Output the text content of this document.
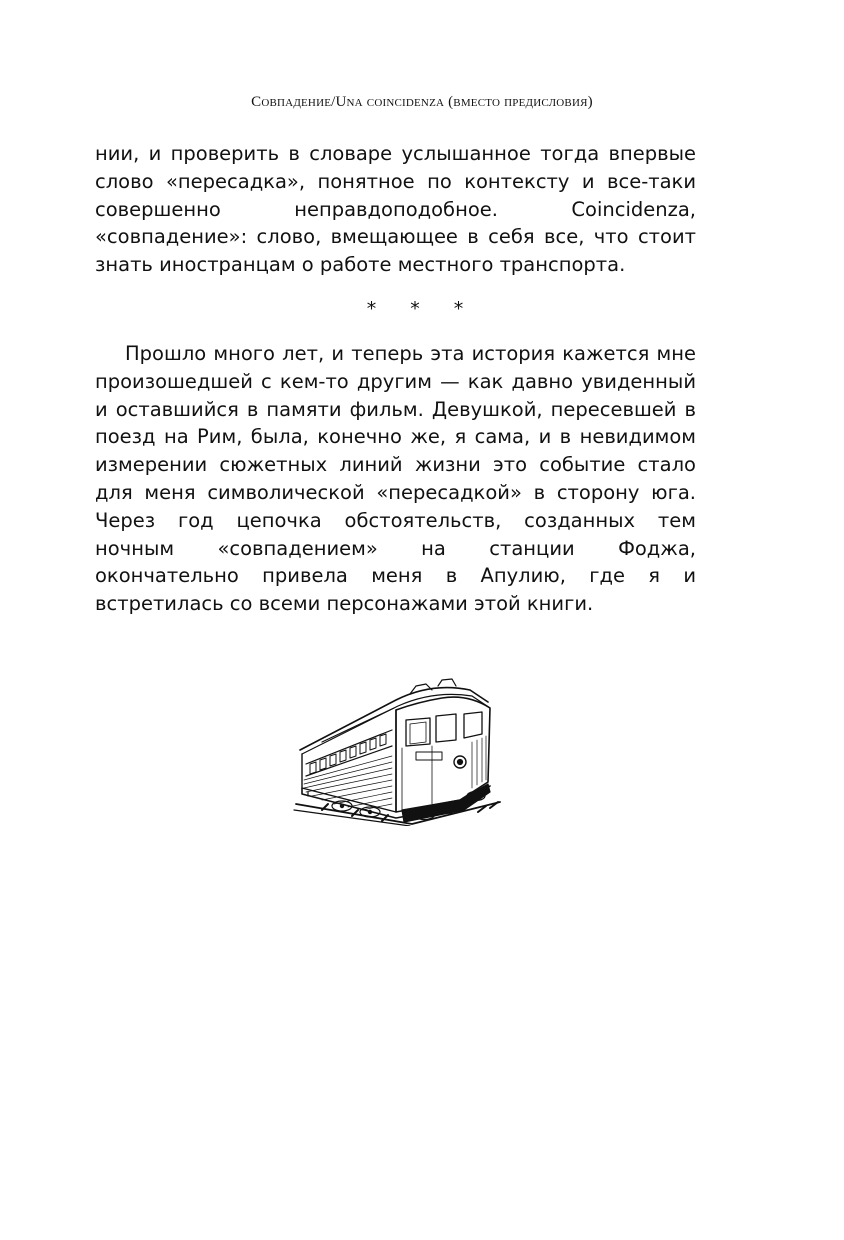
Совпадение/Una coincidenza (вместо предисловия)

нии, и проверить в словаре услышанное тогда впервые слово «пересадка», понятное по контексту и все-таки совершенно неправдоподобное. Coincidenza, «совпадение»: слово, вмещающее в себя все, что стоит знать иностранцам о работе местного транспорта.

* * *

Прошло много лет, и теперь эта история кажется мне произошедшей с кем-то другим — как давно увиденный и оставшийся в памяти фильм. Девушкой, пересевшей в поезд на Рим, была, конечно же, я сама, и в невидимом измерении сюжетных линий жизни это событие стало для меня символической «пересадкой» в сторону юга. Через год цепочка обстоятельств, созданных тем ночным «совпадением» на станции Фоджа, окончательно привела меня в Апулию, где я и встретилась со всеми персонажами этой книги.
